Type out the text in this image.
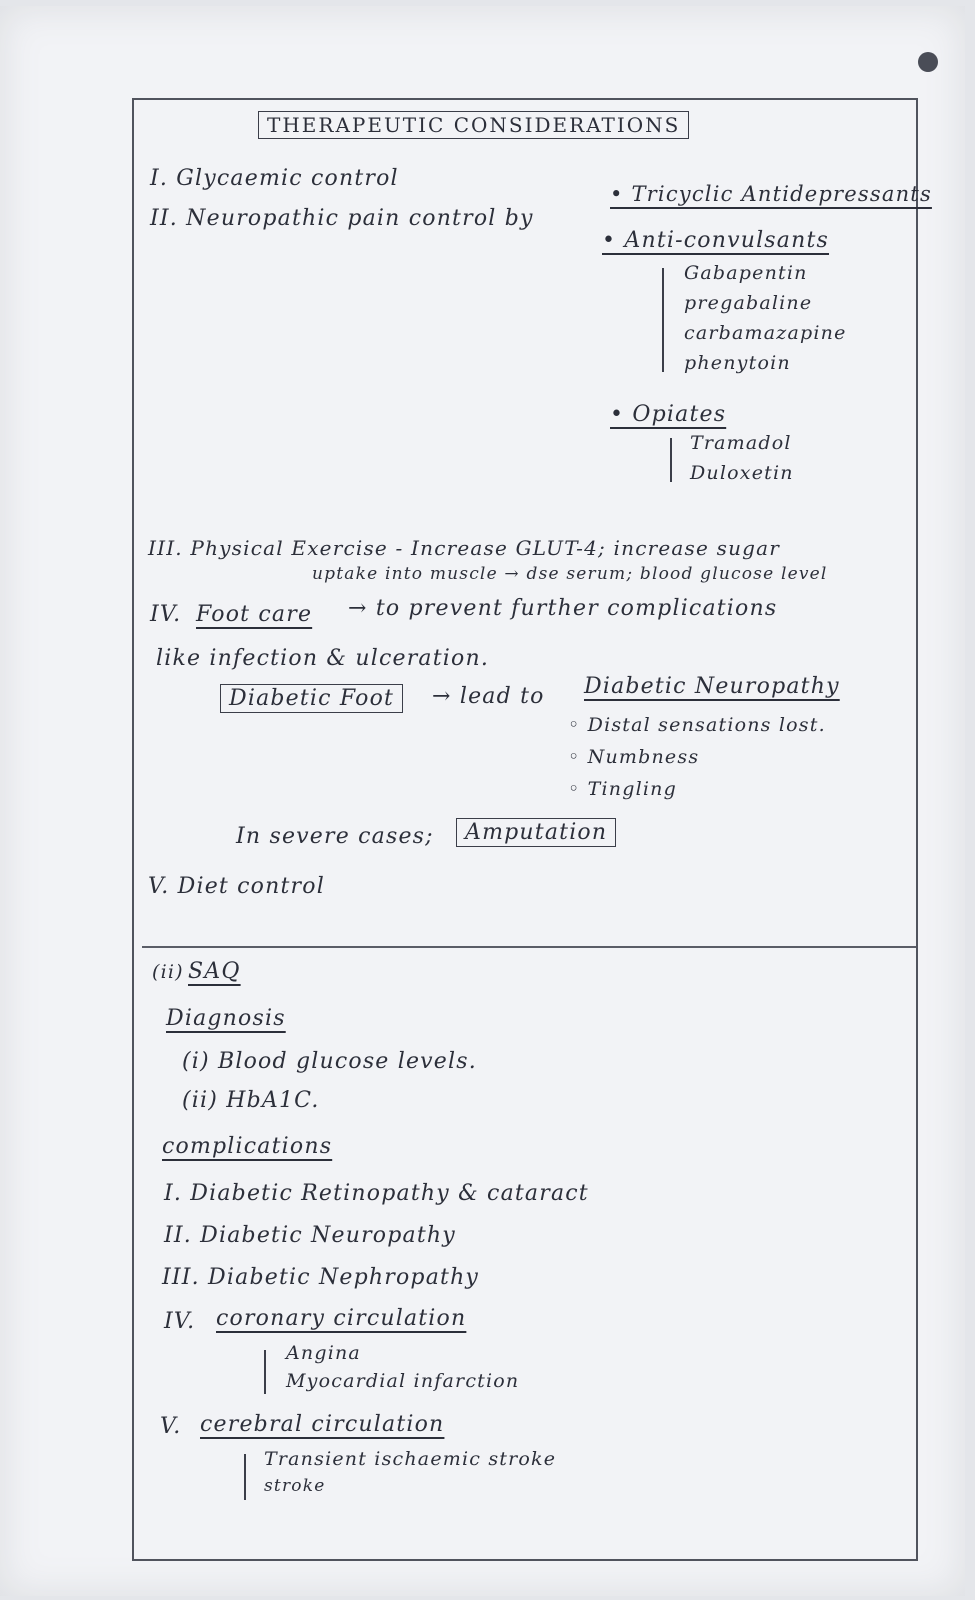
THERAPEUTIC CONSIDERATIONS
I. Glycaemic control
II. Neuropathic pain control by
• Tricyclic Antidepressants
• Anti-convulsants
Gabapentin
pregabaline
carbamazapine
phenytoin
• Opiates
Tramadol
Duloxetin
III. Physical Exercise - Increase GLUT-4; increase sugar
uptake into muscle → dse serum; blood glucose level
IV. Foot care → to prevent further complications
like infection & ulceration.
Diabetic Foot	→ lead to Diabetic Neuropathy
◦ Distal sensations lost.
◦ Numbness
◦ Tingling
In severe cases;	Amputation
V. Diet control
(ii) SAQ
Diagnosis
(i) Blood glucose levels.
(ii) HbA1C.
complications
I. Diabetic Retinopathy & cataract
II. Diabetic Neuropathy
III. Diabetic Nephropathy
IV. coronary circulation
Angina
Myocardial infarction
V. cerebral circulation
Transient ischaemic stroke
stroke
